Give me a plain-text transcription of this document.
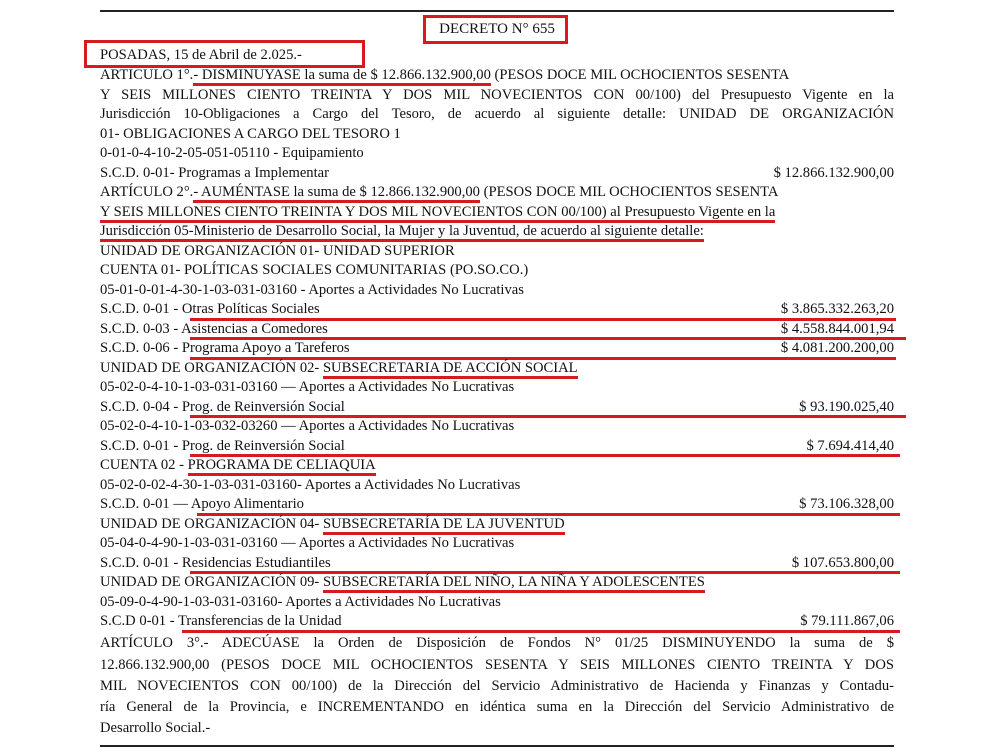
DECRETO N° 655
POSADAS, 15 de Abril de 2.025.-
ARTICULO 1°.- DISMINUYASE la suma de $ 12.866.132.900,00 (PESOS DOCE MIL OCHOCIENTOS SESENTA
Y SEIS MILLONES CIENTO TREINTA Y DOS MIL NOVECIENTOS CON 00/100) del Presupuesto Vigente en la
Jurisdicción 10-Obligaciones a Cargo del Tesoro, de acuerdo al siguiente detalle: UNIDAD DE ORGANIZACIÓN
01- OBLIGACIONES A CARGO DEL TESORO 1
0-01-0-4-10-2-05-051-05110 - Equipamiento
S.C.D. 0-01- Programas a Implementar	$ 12.866.132.900,00
ARTÍCULO 2°.- AUMÉNTASE la suma de $ 12.866.132.900,00 (PESOS DOCE MIL OCHOCIENTOS SESENTA
Y SEIS MILLONES CIENTO TREINTA Y DOS MIL NOVECIENTOS CON 00/100) al Presupuesto Vigente en la
Jurisdicción 05-Ministerio de Desarrollo Social, la Mujer y la Juventud, de acuerdo al siguiente detalle:
UNIDAD DE ORGANIZACIÓN 01- UNIDAD SUPERIOR
CUENTA 01- POLÍTICAS SOCIALES COMUNITARIAS (PO.SO.CO.)
05-01-0-01-4-30-1-03-031-03160 - Aportes a Actividades No Lucrativas
S.C.D. 0-01 - Otras Políticas Sociales	$ 3.865.332.263,20
S.C.D. 0-03 - Asistencias a Comedores	$ 4.558.844.001,94
S.C.D. 0-06 - Programa Apoyo a Tareferos	$ 4.081.200.200,00
UNIDAD DE ORGANIZACIÓN 02- SUBSECRETARIA DE ACCIÓN SOCIAL
05-02-0-4-10-1-03-031-03160 — Aportes a Actividades No Lucrativas
S.C.D. 0-04 - Prog. de Reinversión Social	$ 93.190.025,40
05-02-0-4-10-1-03-032-03260 — Aportes a Actividades No Lucrativas
S.C.D. 0-01 - Prog. de Reinversión Social	$ 7.694.414,40
CUENTA 02 - PROGRAMA DE CELIAQUIA
05-02-0-02-4-30-1-03-031-03160- Aportes a Actividades No Lucrativas
S.C.D. 0-01 — Apoyo Alimentario	$ 73.106.328,00
UNIDAD DE ORGANIZACIÓN 04- SUBSECRETARÍA DE LA JUVENTUD
05-04-0-4-90-1-03-031-03160 — Aportes a Actividades No Lucrativas
S.C.D. 0-01 - Residencias Estudiantiles	$ 107.653.800,00
UNIDAD DE ORGANIZACIÓN 09- SUBSECRETARÍA DEL NIÑO, LA NIÑA Y ADOLESCENTES
05-09-0-4-90-1-03-031-03160- Aportes a Actividades No Lucrativas
S.C.D 0-01 - Transferencias de la Unidad	$ 79.111.867,06
ARTÍCULO 3°.- ADECÚASE la Orden de Disposición de Fondos N° 01/25 DISMINUYENDO la suma de $
12.866.132.900,00 (PESOS DOCE MIL OCHOCIENTOS SESENTA Y SEIS MILLONES CIENTO TREINTA Y DOS
MIL NOVECIENTOS CON 00/100) de la Dirección del Servicio Administrativo de Hacienda y Finanzas y Contadu-
ría General de la Provincia, e INCREMENTANDO en idéntica suma en la Dirección del Servicio Administrativo de
Desarrollo Social.-
